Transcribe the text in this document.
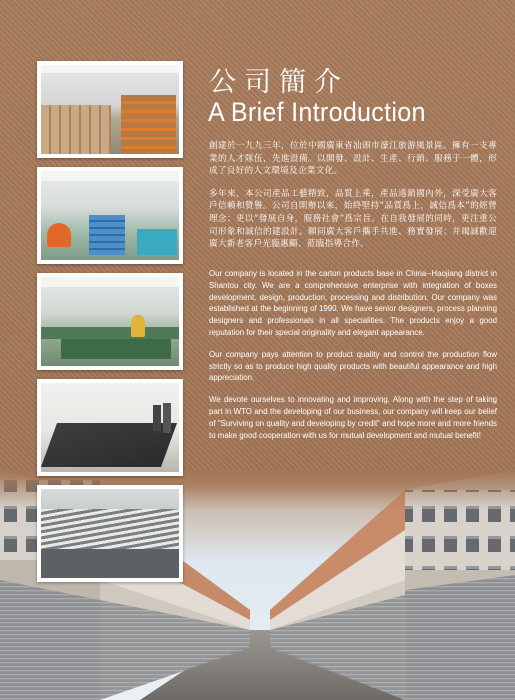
公司簡介
A Brief Introduction

創建於一九九三年，位於中國廣東省汕頭市濠江旅游風景區。擁有一支專業的人才隊伍，先進設備。以開發、設計、生產、行銷、服務于一體，形成了良好的人文環境及企業文化。

多年來，本公司產品工藝精致，品質上乘，產品遠銷國內外，深受廣大客戶信賴和贊譽。公司自開辦以來，始終堅持“品質爲上，誠信爲本”的經營理念；更以“發展自身，服務社會”爲宗旨。在自我發展的同時，更注重公司形象和誠信的建設計。願同廣大客戶攜手共進、務實發展；并竭誠歡迎廣大新老客戶光臨惠顧、蒞臨指導合作。

Our company is located in the carton products base in China--Haojiang district in Shantou city. We are a comprehensive enterprise with integration of boxes development, design, production, processing and distribution. Our company was established at the beginning of 1990. We have senior designers, process planning designers and professionals in all specialities. The products enjoy a good reputation for their special originality and elegant appearance.

Our company pays attention to product quality and control the production flow strictly so as to produce high quality products with beautiful appearance and high appreciation.

We devote ourselves to innovating and improving. Along with the step of taking part in WTO and the developing of our business, our company will keep our belief of "Surviving on quality and developing by credit" and hope more and more friends to make good cooperation with us for mutual development and mutual benefit!
